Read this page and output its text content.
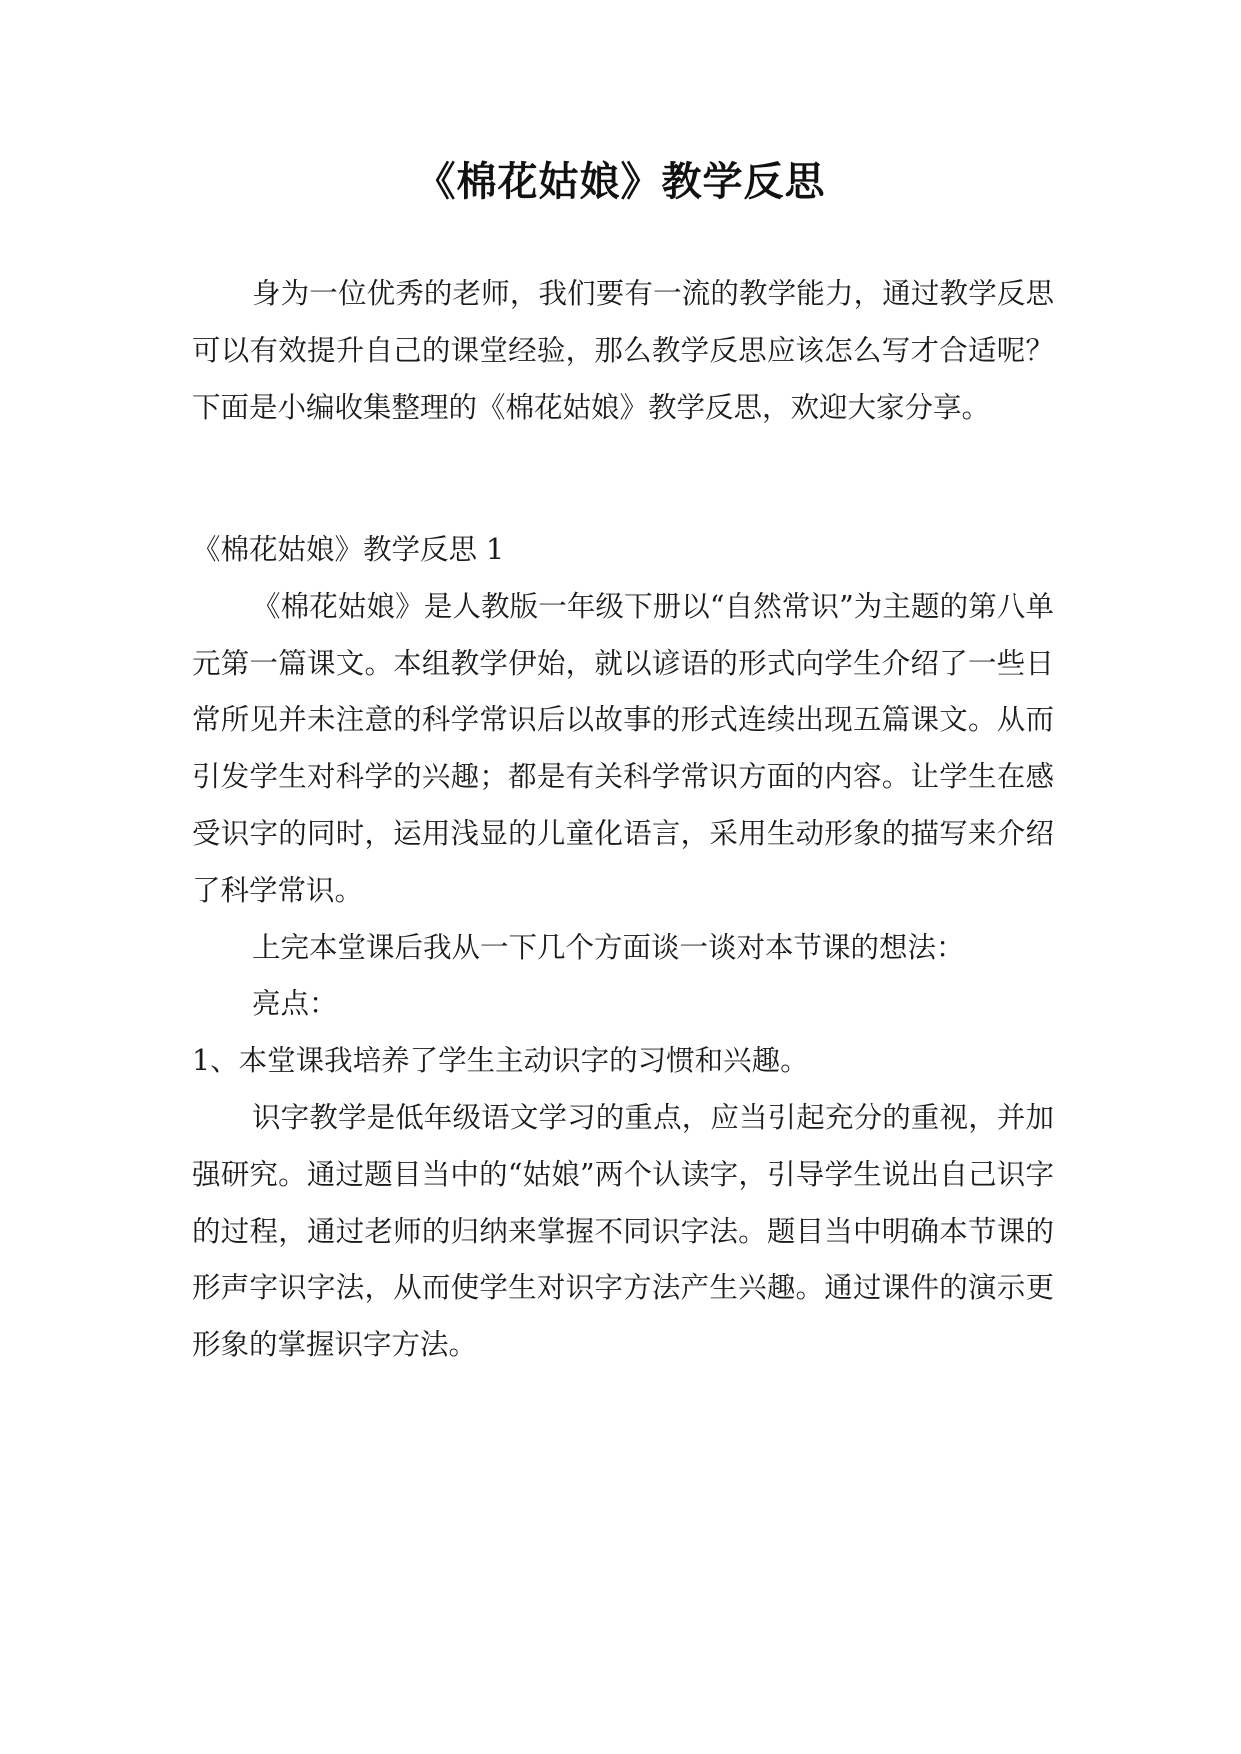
《棉花姑娘》教学反思

身为一位优秀的老师，我们要有一流的教学能力，通过教学反思可以有效提升自己的课堂经验，那么教学反思应该怎么写才合适呢？下面是小编收集整理的《棉花姑娘》教学反思，欢迎大家分享。

《棉花姑娘》教学反思 1

《棉花姑娘》是人教版一年级下册以“自然常识”为主题的第八单元第一篇课文。本组教学伊始，就以谚语的形式向学生介绍了一些日常所见并未注意的科学常识后以故事的形式连续出现五篇课文。从而引发学生对科学的兴趣；都是有关科学常识方面的内容。让学生在感受识字的同时，运用浅显的儿童化语言，采用生动形象的描写来介绍了科学常识。

上完本堂课后我从一下几个方面谈一谈对本节课的想法：

亮点：

1、本堂课我培养了学生主动识字的习惯和兴趣。

识字教学是低年级语文学习的重点，应当引起充分的重视，并加强研究。通过题目当中的“姑娘”两个认读字，引导学生说出自己识字的过程，通过老师的归纳来掌握不同识字法。题目当中明确本节课的形声字识字法，从而使学生对识字方法产生兴趣。通过课件的演示更形象的掌握识字方法。
